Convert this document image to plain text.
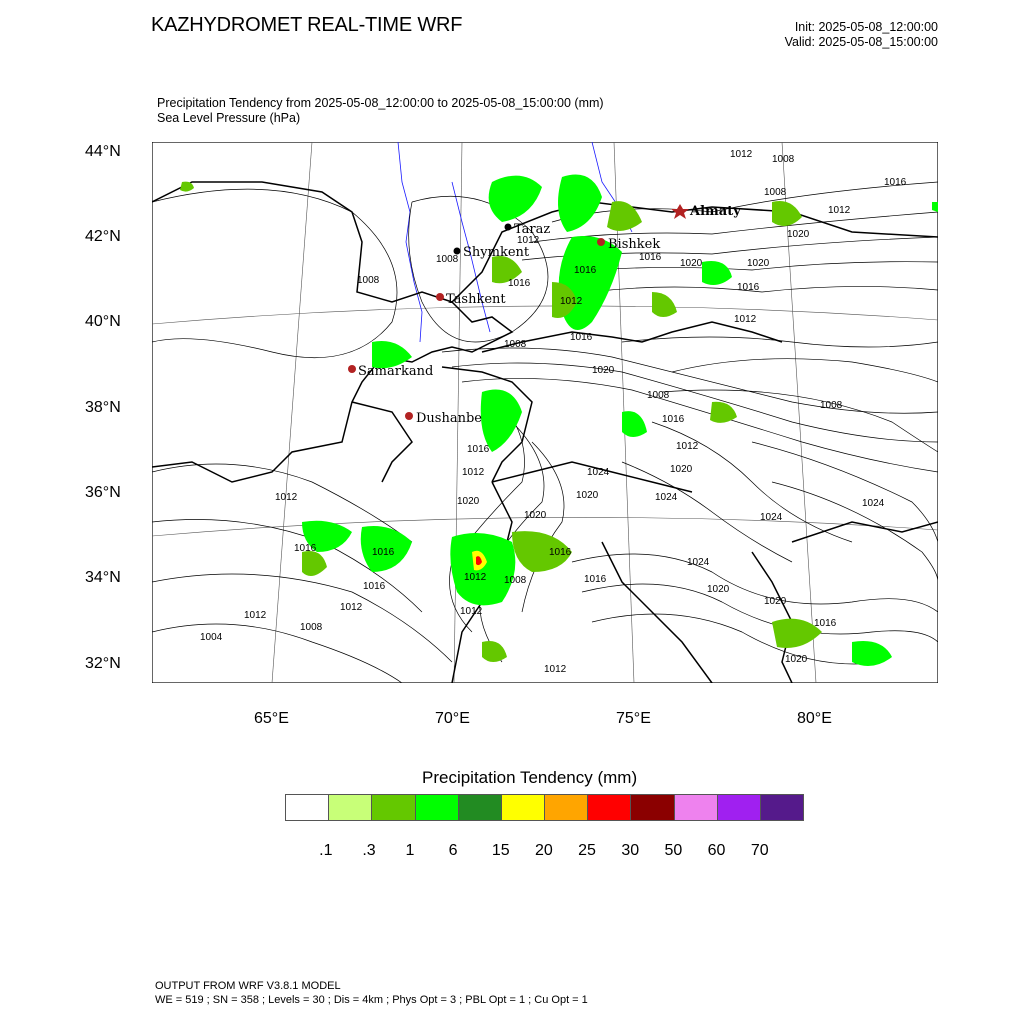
KAZHYDROMET REAL-TIME WRF	Init: 2025-05-08_12:00:00
Valid: 2025-05-08_15:00:00
Precipitation Tendency from 2025-05-08_12:00:00 to 2025-05-08_15:00:00 (mm)
Sea Level Pressure (hPa)
1012 1008
1016
1008
1012
1020
1012
1008	1016
1020	1020
1016
1008	1016	1016
1012
1012
1008
1016
1020
1008
1008
1016
1016	1012
1024	1020
1012
1012	1020	1024
1024
1020
1020	1024
1016	1016	1016
1024
1012 1008	1016
1020
1016
1020
1012	1012
1012
1016
1008
1004
1020
1012
Almaty
Taraz
Shymkent
Bishkek
Tashkent
Samarkand
Dushanbe
44°N
42°N
40°N
38°N
36°N
34°N
32°N
65°E	70°E	75°E	80°E
Precipitation Tendency (mm)
.1 .3 1 6 15 20 25 30 50 60 70
OUTPUT FROM WRF V3.8.1 MODEL
WE = 519 ; SN = 358 ; Levels = 30 ; Dis = 4km ; Phys Opt = 3 ; PBL Opt = 1 ; Cu Opt = 1
